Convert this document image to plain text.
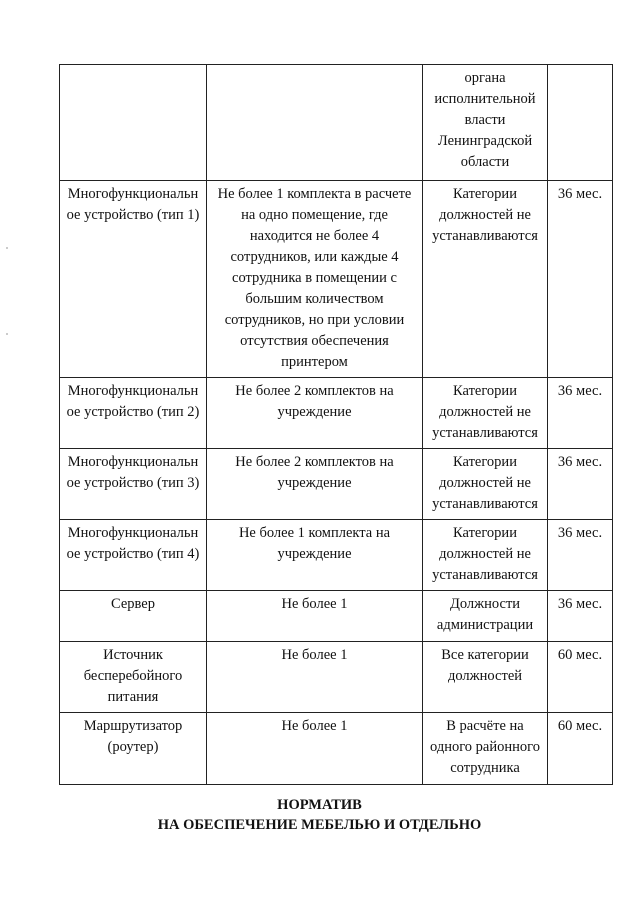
		органа исполнительной власти Ленинградской области	
Многофункциональн ое устройство (тип 1)	Не более 1 комплекта в расчете на одно помещение, где находится не более 4 сотрудников, или каждые 4 сотрудника в помещении с большим количеством сотрудников, но при условии отсутствия обеспечения принтером	Категории должностей не устанавливаются	36 мес.
Многофункциональн ое устройство (тип 2)	Не более 2 комплектов на учреждение	Категории должностей не устанавливаются	36 мес.
Многофункциональн ое устройство (тип 3)	Не более 2 комплектов на учреждение	Категории должностей не устанавливаются	36 мес.
Многофункциональн ое устройство (тип 4)	Не более 1 комплекта на учреждение	Категории должностей не устанавливаются	36 мес.
Сервер	Не более 1	Должности администрации	36 мес.
Источник бесперебойного питания	Не более 1	Все категории должностей	60 мес.
Маршрутизатор (роутер)	Не более 1	В расчёте на одного районного сотрудника	60 мес.
НОРМАТИВ
НА ОБЕСПЕЧЕНИЕ МЕБЕЛЬЮ И ОТДЕЛЬНО
